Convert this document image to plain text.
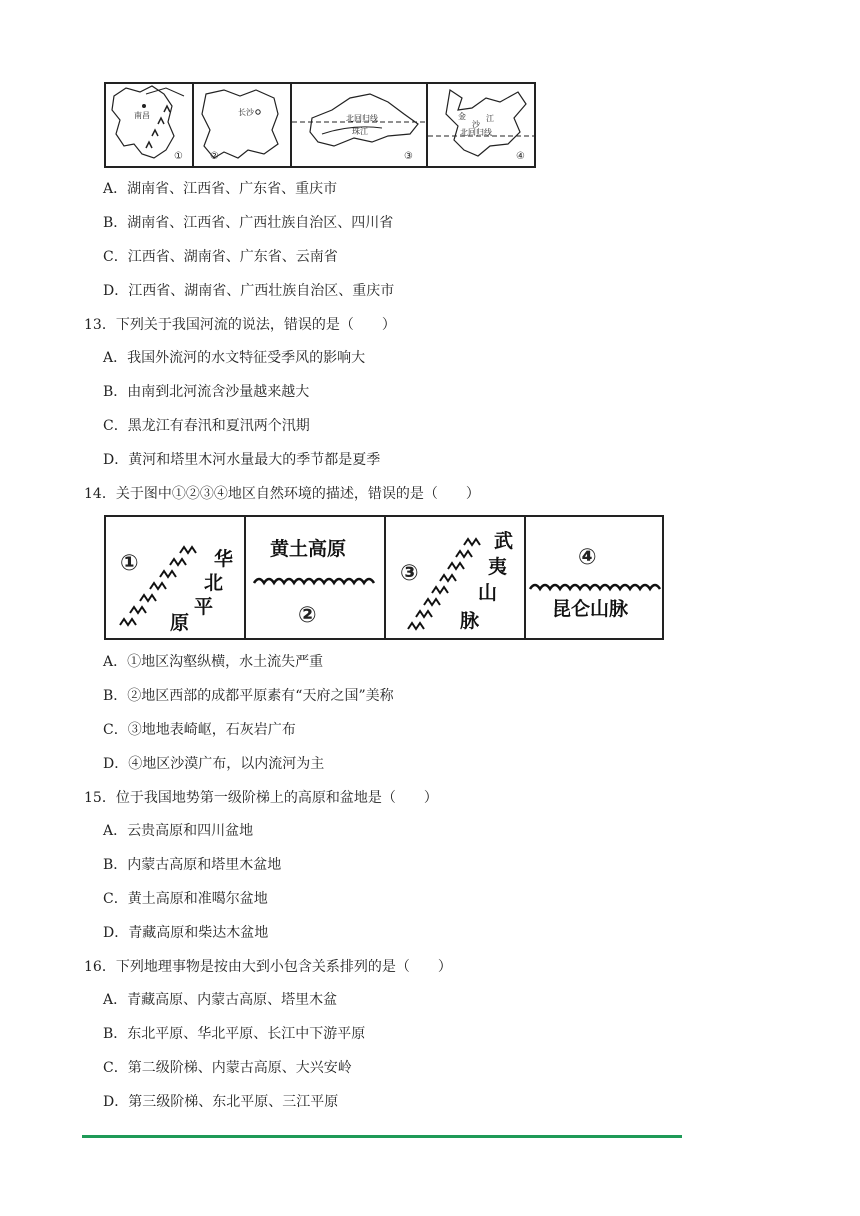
南昌
①
长沙
②
北回归线
珠江
③
金
沙
江
北回归线
④
A．湖南省、江西省、广东省、重庆市
B．湖南省、江西省、广西壮族自治区、四川省
C．江西省、湖南省、广东省、云南省
D．江西省、湖南省、广西壮族自治区、重庆市
13．下列关于我国河流的说法，错误的是（　　）
A．我国外流河的水文特征受季风的影响大
B．由南到北河流含沙量越来越大
C．黑龙江有春汛和夏汛两个汛期
D．黄河和塔里木河水量最大的季节都是夏季
14．关于图中①②③④地区自然环境的描述，错误的是（　　）
①	华
北
平
原
黄土高原
②
③
武
夷
山
脉
④
昆仑山脉
A．①地区沟壑纵横，水土流失严重
B．②地区西部的成都平原素有“天府之国”美称
C．③地地表崎岖，石灰岩广布
D．④地区沙漠广布，以内流河为主
15．位于我国地势第一级阶梯上的高原和盆地是（　　）
A．云贵高原和四川盆地
B．内蒙古高原和塔里木盆地
C．黄土高原和准噶尔盆地
D．青藏高原和柴达木盆地
16．下列地理事物是按由大到小包含关系排列的是（　　）
A．青藏高原、内蒙古高原、塔里木盆
B．东北平原、华北平原、长江中下游平原
C．第二级阶梯、内蒙古高原、大兴安岭
D．第三级阶梯、东北平原、三江平原
